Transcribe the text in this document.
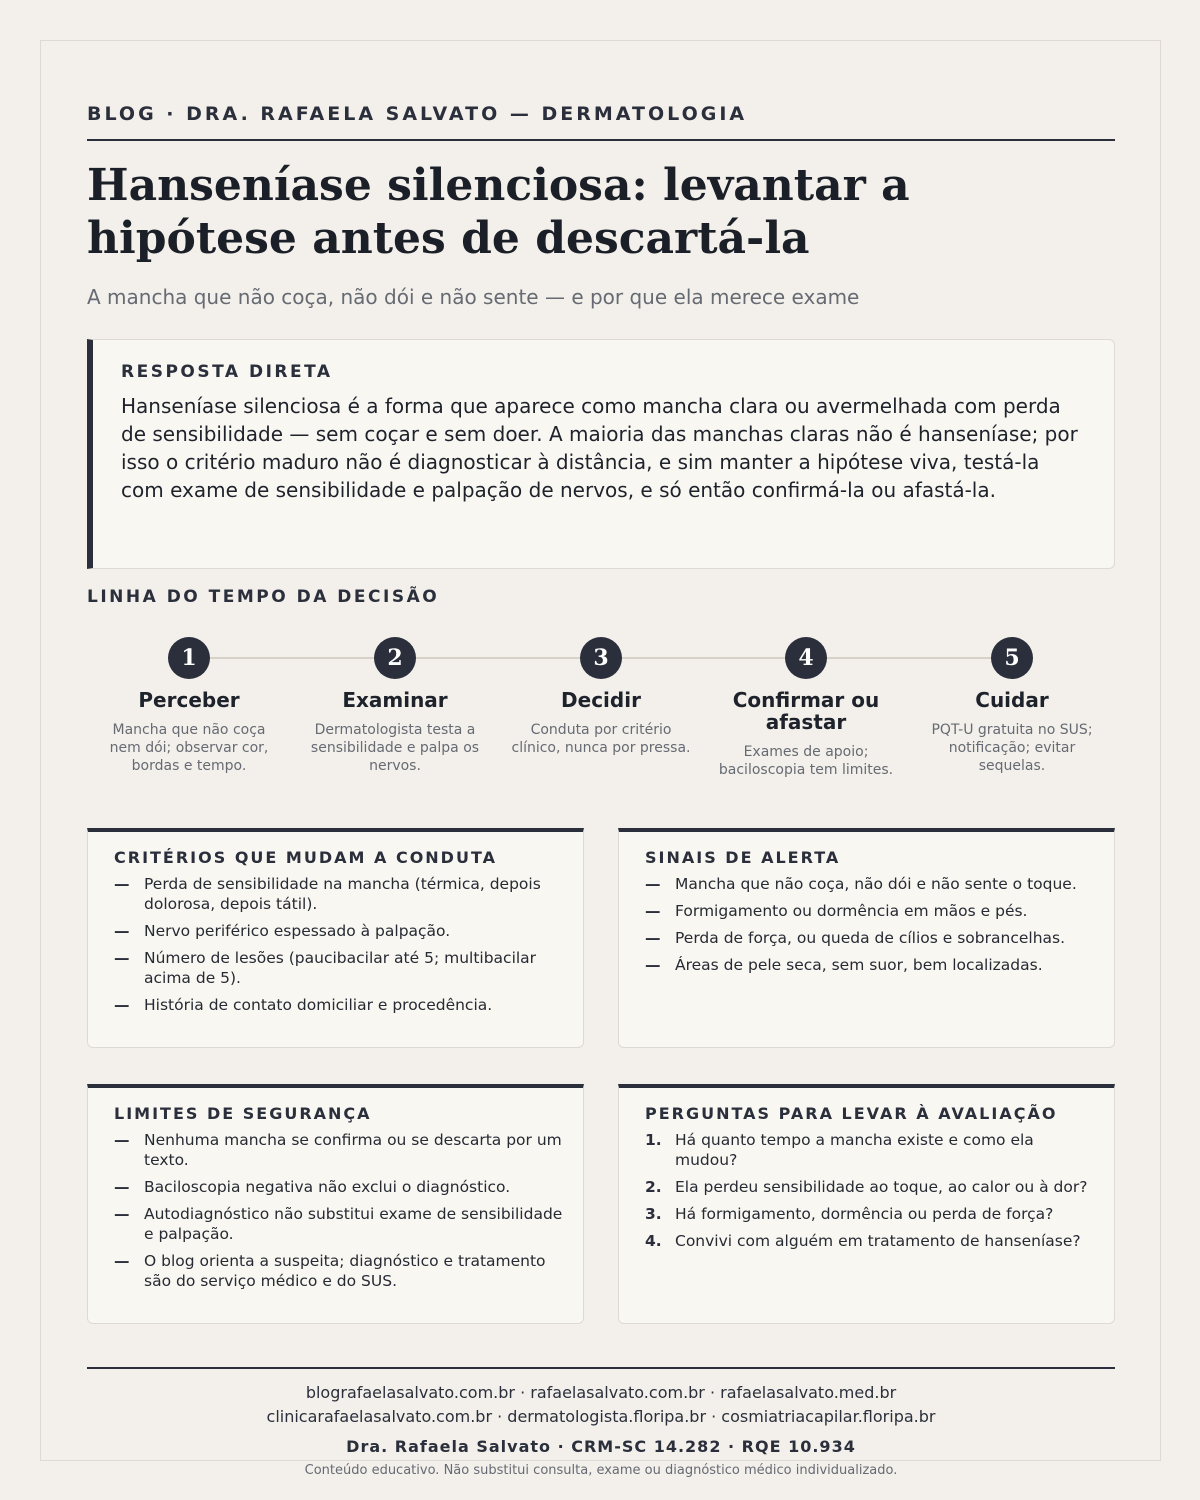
BLOG · DRA. RAFAELA SALVATO — DERMATOLOGIA
Hanseníase silenciosa: levantar a hipótese antes de descartá-la
A mancha que não coça, não dói e não sente — e por que ela merece exame
RESPOSTA DIRETA

Hanseníase silenciosa é a forma que aparece como mancha clara ou avermelhada com perda de sensibilidade — sem coçar e sem doer. A maioria das manchas claras não é hanseníase; por isso o critério maduro não é diagnosticar à distância, e sim manter a hipótese viva, testá-la com exame de sensibilidade e palpação de nervos, e só então confirmá-la ou afastá-la.

LINHA DO TEMPO DA DECISÃO
1
Perceber
Mancha que não coça nem dói; observar cor, bordas e tempo.
2
Examinar
Dermatologista testa a sensibilidade e palpa os nervos.
3
Decidir
Conduta por critério clínico, nunca por pressa.
4
Confirmar ou afastar
Exames de apoio; baciloscopia tem limites.
5
Cuidar
PQT-U gratuita no SUS; notificação; evitar sequelas.
CRITÉRIOS QUE MUDAM A CONDUTA
— Perda de sensibilidade na mancha (térmica, depois dolorosa, depois tátil).
— Nervo periférico espessado à palpação.
— Número de lesões (paucibacilar até 5; multibacilar acima de 5).
— História de contato domiciliar e procedência.
SINAIS DE ALERTA
— Mancha que não coça, não dói e não sente o toque.
— Formigamento ou dormência em mãos e pés.
— Perda de força, ou queda de cílios e sobrancelhas.
— Áreas de pele seca, sem suor, bem localizadas.
LIMITES DE SEGURANÇA
— Nenhuma mancha se confirma ou se descarta por um texto.
— Baciloscopia negativa não exclui o diagnóstico.
— Autodiagnóstico não substitui exame de sensibilidade e palpação.
— O blog orienta a suspeita; diagnóstico e tratamento são do serviço médico e do SUS.
PERGUNTAS PARA LEVAR À AVALIAÇÃO
1. Há quanto tempo a mancha existe e como ela mudou?
2. Ela perdeu sensibilidade ao toque, ao calor ou à dor?
3. Há formigamento, dormência ou perda de força?
4. Convivi com alguém em tratamento de hanseníase?
blografaelasalvato.com.br · rafaelasalvato.com.br · rafaelasalvato.med.br
clinicarafaelasalvato.com.br · dermatologista.floripa.br · cosmiatriacapilar.floripa.br
Dra. Rafaela Salvato · CRM-SC 14.282 · RQE 10.934
Conteúdo educativo. Não substitui consulta, exame ou diagnóstico médico individualizado.
